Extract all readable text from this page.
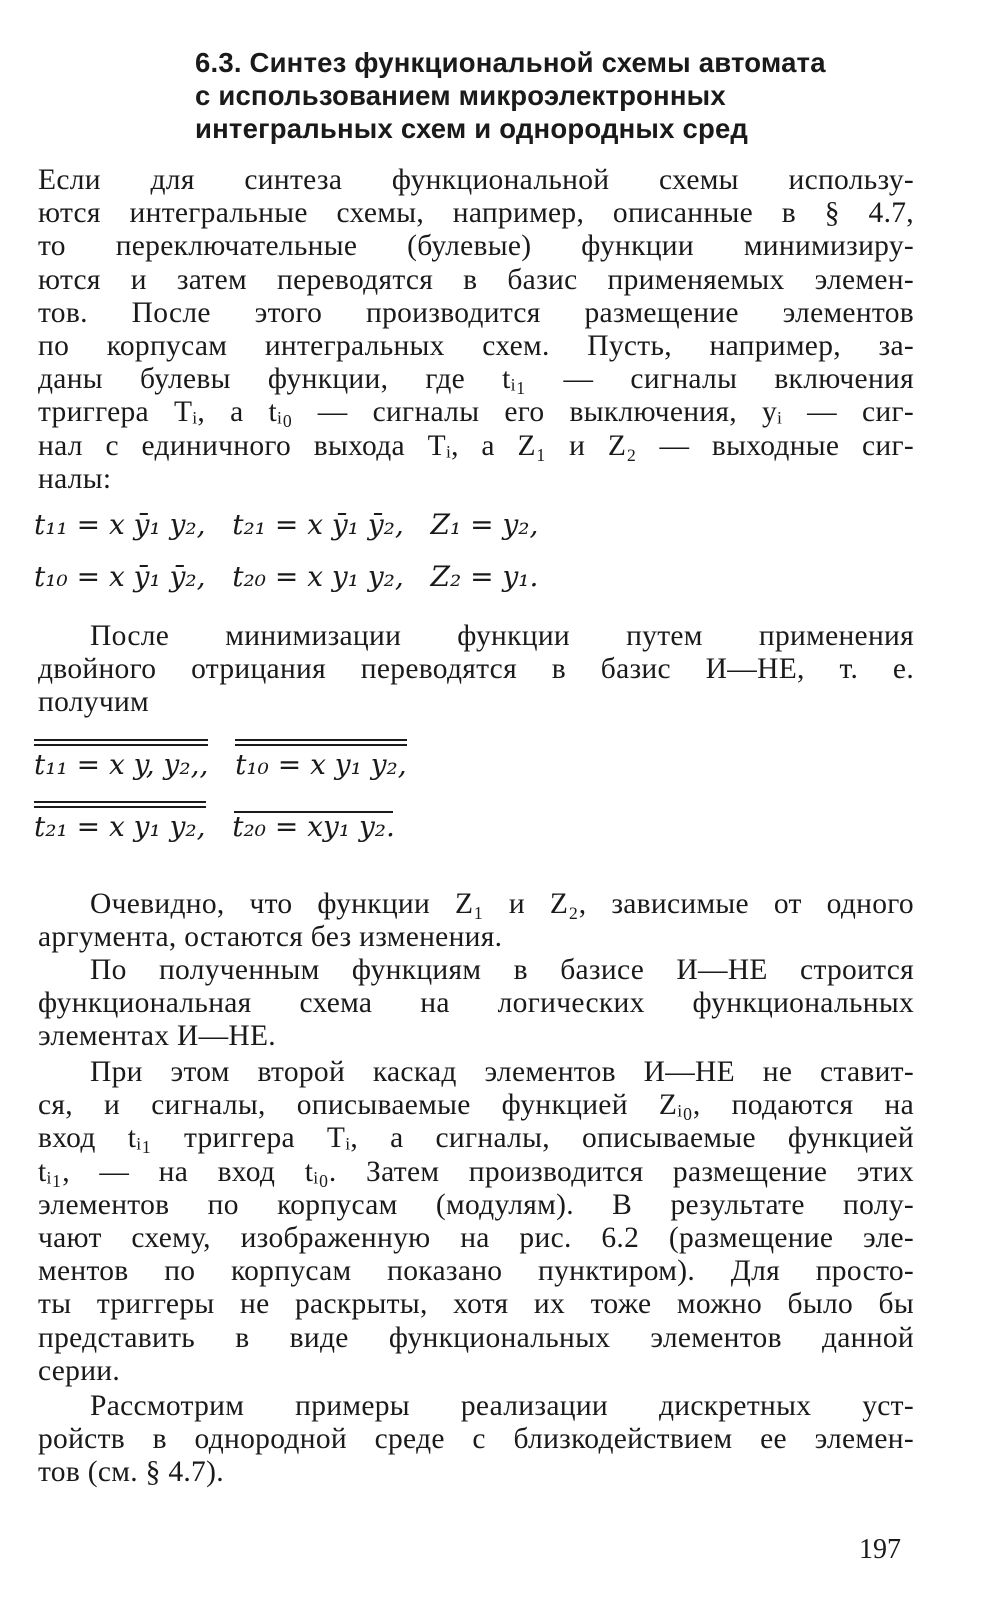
6.3. Синтез функциональной схемы автомата
с использованием микроэлектронных
интегральных схем и однородных сред
Если для синтеза функциональной схемы использу-
ются интегральные схемы, например, описанные в § 4.7,
то переключательные (булевые) функции минимизиру-
ются и затем переводятся в базис применяемых элемен-
тов. После этого производится размещение элементов
по корпусам интегральных схем. Пусть, например, за-
даны булевы функции, где tᵢ₁ — сигналы включения
триггера Tᵢ, а tᵢ₀ — сигналы его выключения, yᵢ — сиг-
нал с единичного выхода Tᵢ, а Z₁ и Z₂ — выходные сиг-
налы:
t₁₁ = x ȳ₁ y₂, t₂₁ = x ȳ₁ ȳ₂, Z₁ = y₂,
t₁₀ = x ȳ₁ ȳ₂, t₂₀ = x y₁ y₂, Z₂ = y₁.
После минимизации функции путем применения
двойного отрицания переводятся в базис И—НЕ, т. е.
получим
t₁₁ = x y, y₂,, t₁₀ = x y₁ y₂,
t₂₁ = x y₁ y₂, t₂₀ = xy₁ y₂.
Очевидно, что функции Z₁ и Z₂, зависимые от одного
аргумента, остаются без изменения.
По полученным функциям в базисе И—НЕ строится
функциональная схема на логических функциональных
элементах И—НЕ.
При этом второй каскад элементов И—НЕ не ставит-
ся, и сигналы, описываемые функцией Zᵢ₀, подаются на
вход tᵢ₁ триггера Tᵢ, а сигналы, описываемые функцией
tᵢ₁, — на вход tᵢ₀. Затем производится размещение этих
элементов по корпусам (модулям). В результате полу-
чают схему, изображенную на рис. 6.2 (размещение эле-
ментов по корпусам показано пунктиром). Для просто-
ты триггеры не раскрыты, хотя их тоже можно было бы
представить в виде функциональных элементов данной
серии.
Рассмотрим примеры реализации дискретных уст-
ройств в однородной среде с близкодействием ее элемен-
тов (см. § 4.7).
197
